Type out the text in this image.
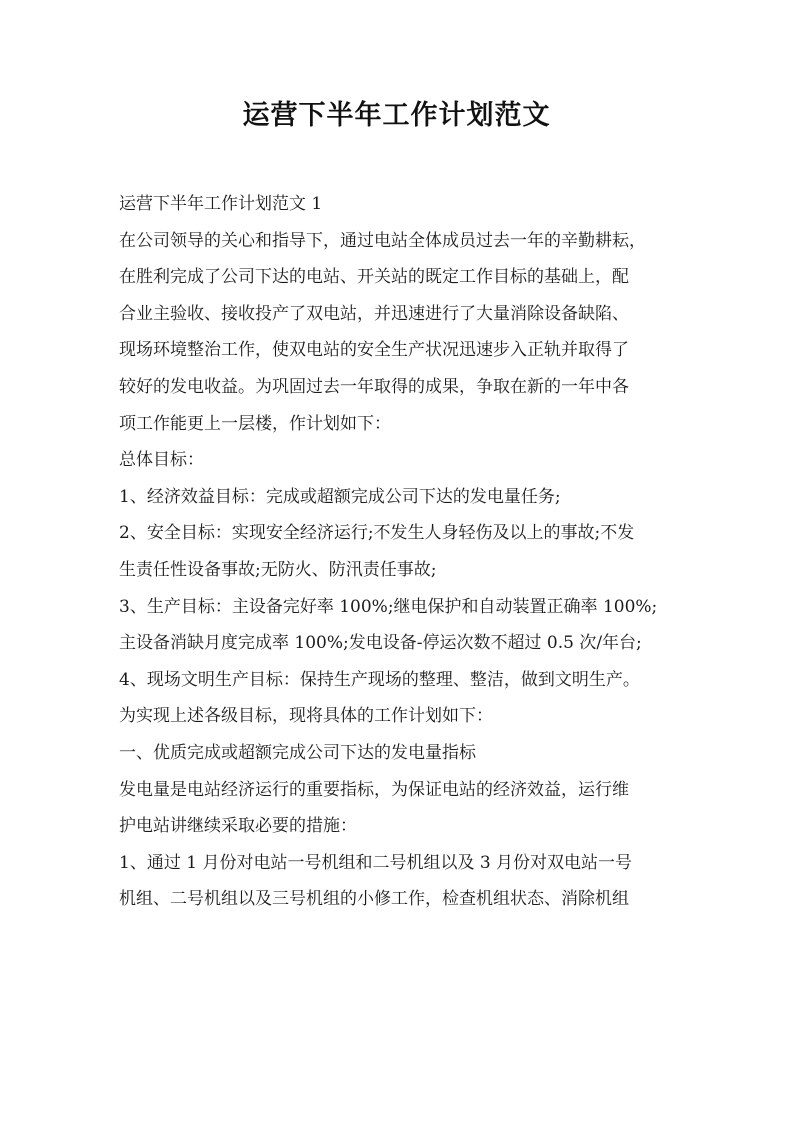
运营下半年工作计划范文
运营下半年工作计划范文 1
在公司领导的关心和指导下，通过电站全体成员过去一年的辛勤耕耘，
在胜利完成了公司下达的电站、开关站的既定工作目标的基础上，配
合业主验收、接收投产了双电站，并迅速进行了大量消除设备缺陷、
现场环境整治工作，使双电站的安全生产状况迅速步入正轨并取得了
较好的发电收益。为巩固过去一年取得的成果，争取在新的一年中各
项工作能更上一层楼，作计划如下：
总体目标：
1、经济效益目标：完成或超额完成公司下达的发电量任务;
2、安全目标：实现安全经济运行;不发生人身轻伤及以上的事故;不发
生责任性设备事故;无防火、防汛责任事故;
3、生产目标：主设备完好率 100%;继电保护和自动装置正确率 100%;
主设备消缺月度完成率 100%;发电设备-停运次数不超过 0.5 次/年台;
4、现场文明生产目标：保持生产现场的整理、整洁，做到文明生产。
为实现上述各级目标，现将具体的工作计划如下：
一、优质完成或超额完成公司下达的发电量指标
发电量是电站经济运行的重要指标，为保证电站的经济效益，运行维
护电站讲继续采取必要的措施：
1、通过 1 月份对电站一号机组和二号机组以及 3 月份对双电站一号
机组、二号机组以及三号机组的小修工作，检查机组状态、消除机组
